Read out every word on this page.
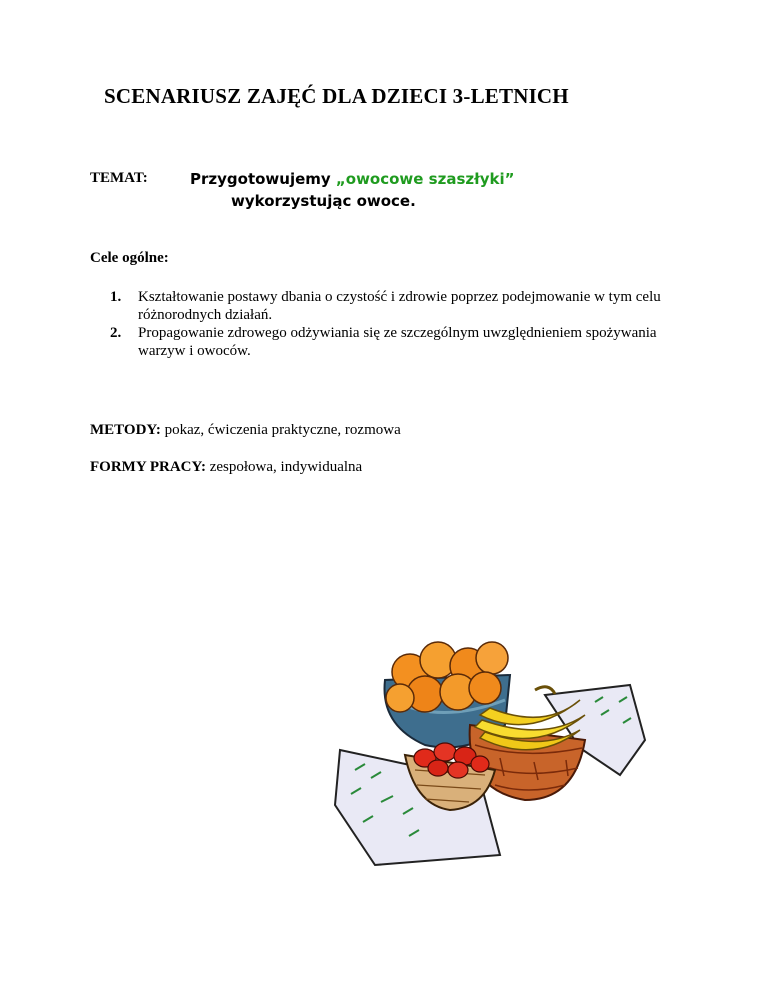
SCENARIUSZ ZAJĘĆ DLA DZIECI 3-LETNICH
TEMAT:	Przygotowujemy „owocowe szaszłyki”
wykorzystując owoce.
Cele ogólne:
1. Kształtowanie postawy dbania o czystość i zdrowie poprzez podejmowanie w tym celu różnorodnych działań.
2. Propagowanie zdrowego odżywiania się ze szczególnym uwzględnieniem spożywania warzyw i owoców.
METODY: pokaz, ćwiczenia praktyczne, rozmowa
FORMY PRACY: zespołowa, indywidualna
